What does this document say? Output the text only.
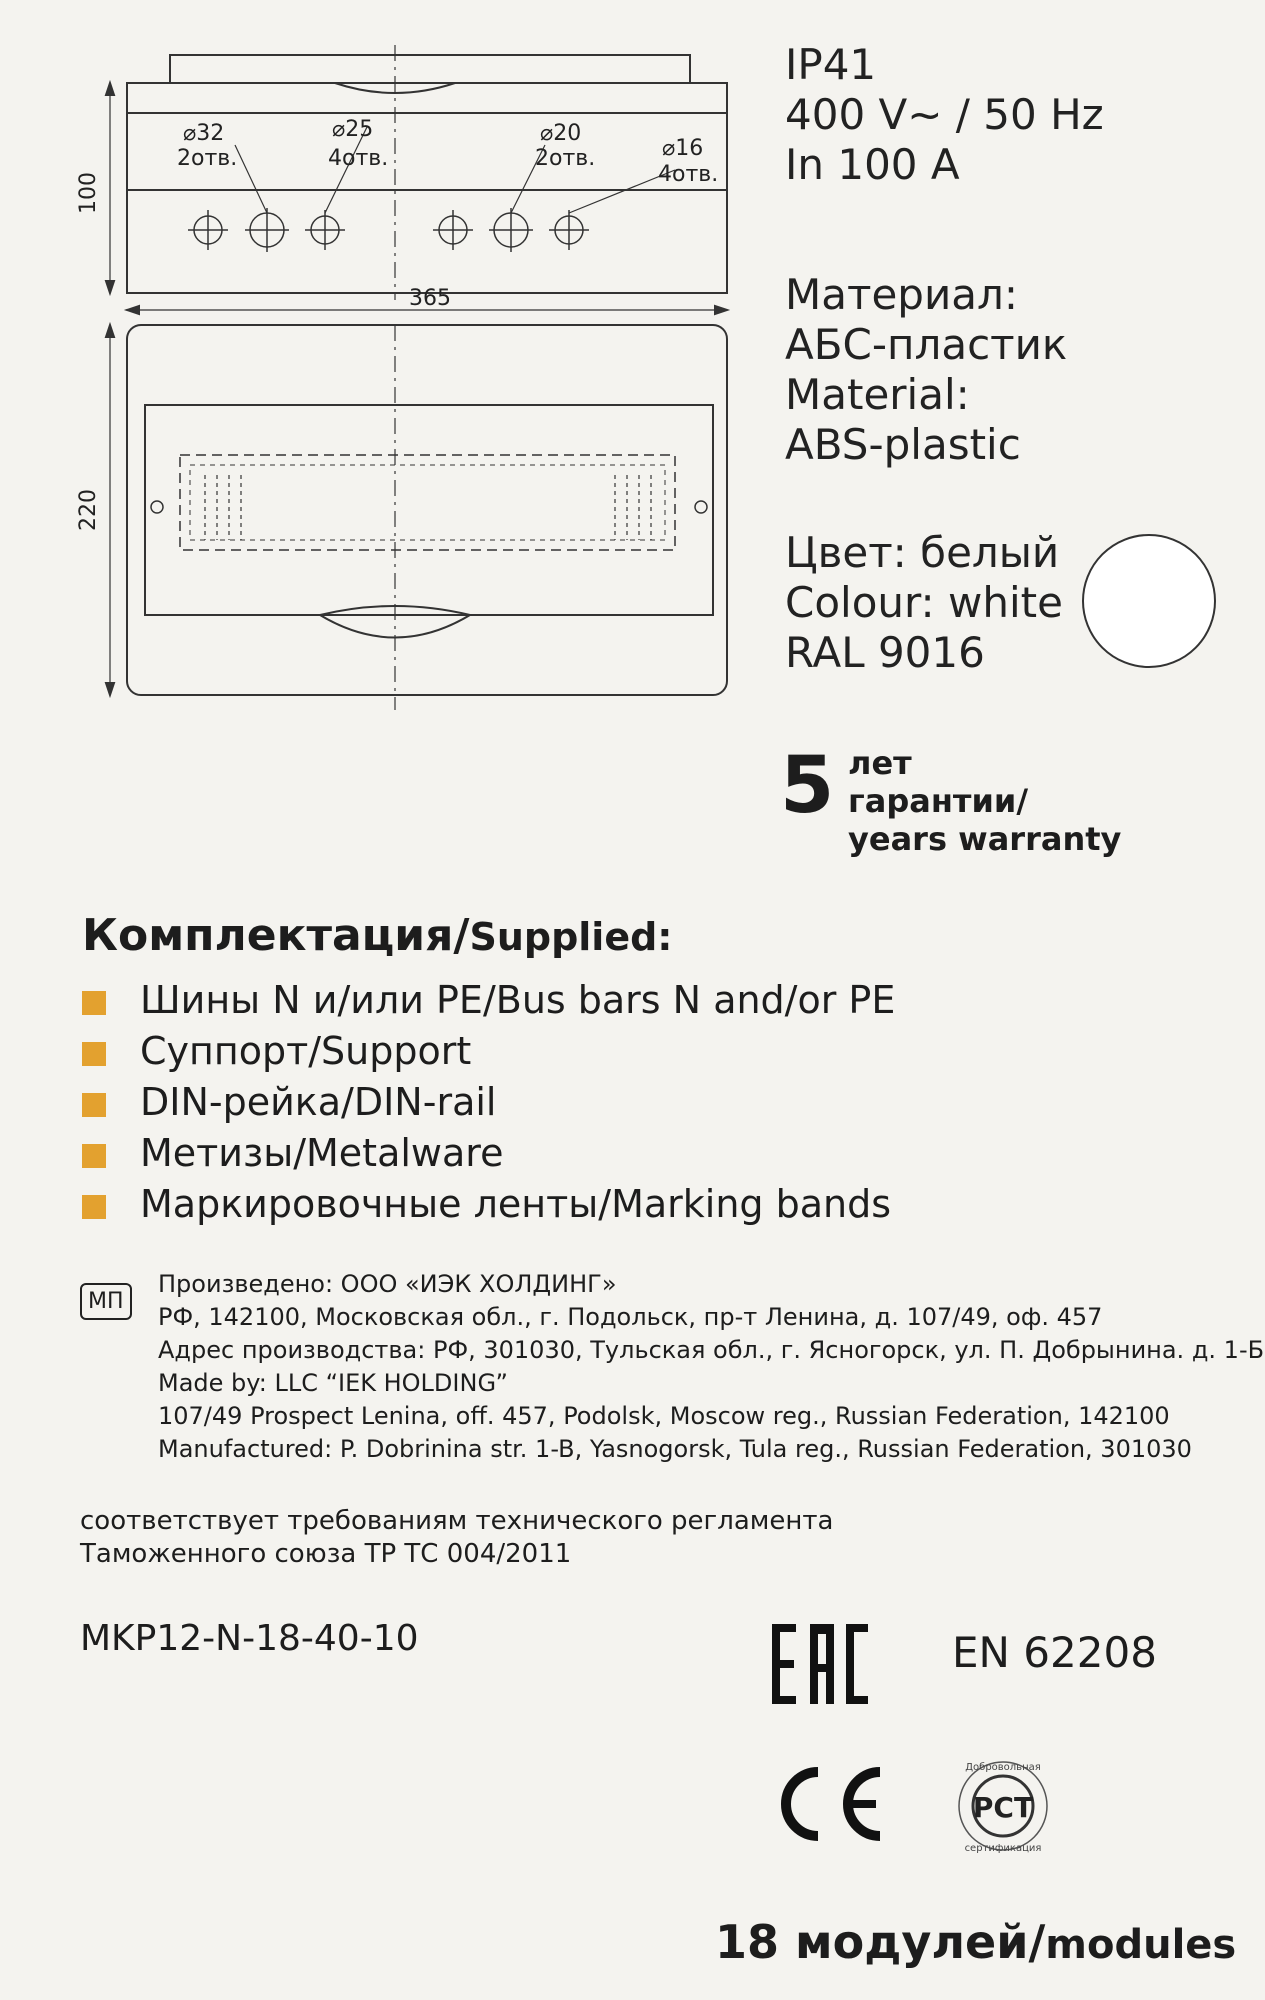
100
365
220
⌀32
2отв.
⌀25
4отв.
⌀20
2отв.	⌀16
4отв.
IP41
400 V~ / 50 Hz
In 100 A
Материал:
АБС-пластик
Material:
ABS-plastic
Цвет: белый
Colour: white
RAL 9016
5 лет
гарантии/
years warranty
Комплектация/Supplied:
Шины N и/или PE/Bus bars N and/or PE
Суппорт/Support
DIN-рейка/DIN-rail
Метизы/Metalware
Маркировочные ленты/Marking bands
МП
Произведено: ООО «ИЭК ХОЛДИНГ»
РФ, 142100, Московская обл., г. Подольск, пр-т Ленина, д. 107/49, оф. 457
Адрес производства: РФ, 301030, Тульская обл., г. Ясногорск, ул. П. Добрынина. д. 1-Б
Made by: LLC “IEK HOLDING”
107/49 Prospect Lenina, off. 457, Podolsk, Moscow reg., Russian Federation, 142100
Manufactured: P. Dobrinina str. 1-B, Yasnogorsk, Tula reg., Russian Federation, 301030
соответствует требованиям технического регламента
Таможенного союза ТР ТС 004/2011
MKP12-N-18-40-10	EN 62208
РСТ
Добровольная
сертификация
18 модулей/modules
